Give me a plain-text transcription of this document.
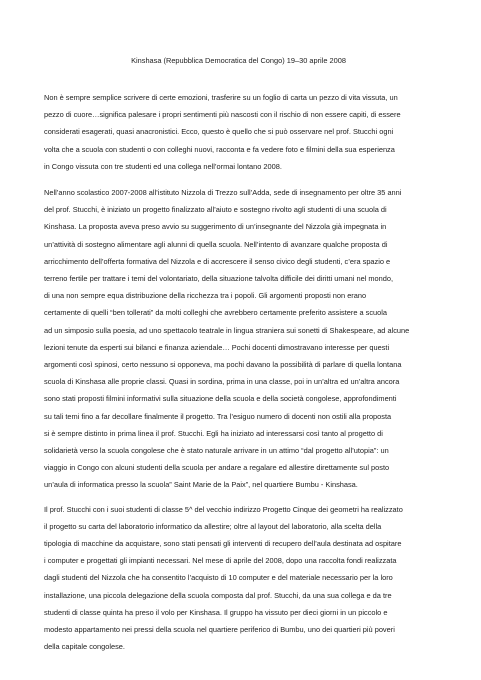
Kinshasa (Repubblica Democratica del Congo) 19–30 aprile 2008

Non è sempre semplice scrivere di certe emozioni, trasferire su un foglio di carta un pezzo di vita vissuta, un
pezzo di cuore…significa palesare i propri sentimenti più nascosti con il rischio di non essere capiti, di essere
considerati esagerati, quasi anacronistici. Ecco, questo è quello che si può osservare nel prof. Stucchi ogni
volta che a scuola con studenti o con colleghi nuovi, racconta e fa vedere foto e filmini della sua esperienza
in Congo vissuta con tre studenti ed una collega nell’ormai lontano 2008.

Nell’anno scolastico 2007-2008 all’istituto Nizzola di Trezzo sull’Adda, sede di insegnamento per oltre 35 anni
del prof. Stucchi, è iniziato un progetto finalizzato all’aiuto e sostegno rivolto agli studenti di una scuola di
Kinshasa. La proposta aveva preso avvio su suggerimento di un’insegnante del Nizzola già impegnata in
un’attività di sostegno alimentare agli alunni di quella scuola. Nell’intento di avanzare qualche proposta di
arricchimento dell’offerta formativa del Nizzola e di accrescere il senso civico degli studenti, c’era spazio e
terreno fertile per trattare i temi del volontariato, della situazione talvolta difficile dei diritti umani nel mondo,
di una non sempre equa distribuzione della ricchezza tra i popoli. Gli argomenti proposti non erano
certamente di quelli “ben tollerati” da molti colleghi che avrebbero certamente preferito assistere a scuola
ad un simposio sulla poesia, ad uno spettacolo teatrale in lingua straniera sui sonetti di Shakespeare, ad alcune
lezioni tenute da esperti sui bilanci e finanza aziendale… Pochi docenti dimostravano interesse per questi
argomenti così spinosi, certo nessuno si opponeva, ma pochi davano la possibilità di parlare di quella lontana
scuola di Kinshasa alle proprie classi. Quasi in sordina, prima in una classe, poi in un’altra ed un’altra ancora
sono stati proposti filmini informativi sulla situazione della scuola e della società congolese, approfondimenti
su tali temi fino a far decollare finalmente il progetto. Tra l’esiguo numero di docenti non ostili alla proposta
si è sempre distinto in prima linea il prof. Stucchi. Egli ha iniziato ad interessarsi così tanto al progetto di
solidarietà verso la scuola congolese che è stato naturale arrivare in un attimo “dal progetto all’utopia”: un
viaggio in Congo con alcuni studenti della scuola per andare a regalare ed allestire direttamente sul posto
un’aula di informatica presso la scuola” Saint Marie de la Paix”, nel quartiere Bumbu - Kinshasa.

Il prof. Stucchi con i suoi studenti di classe 5^ del vecchio indirizzo Progetto Cinque dei geometri ha realizzato
il progetto su carta del laboratorio informatico da allestire; oltre al layout del laboratorio, alla scelta della
tipologia di macchine da acquistare, sono stati pensati gli interventi di recupero dell’aula destinata ad ospitare
i computer e progettati gli impianti necessari. Nel mese di aprile del 2008, dopo una raccolta fondi realizzata
dagli studenti del Nizzola che ha consentito l’acquisto di 10 computer e del materiale necessario per la loro
installazione, una piccola delegazione della scuola composta dal prof. Stucchi, da una sua collega e da tre
studenti di classe quinta ha preso il volo per Kinshasa. Il gruppo ha vissuto per dieci giorni in un piccolo e
modesto appartamento nei pressi della scuola nel quartiere periferico di Bumbu, uno dei quartieri più poveri
della capitale congolese.
